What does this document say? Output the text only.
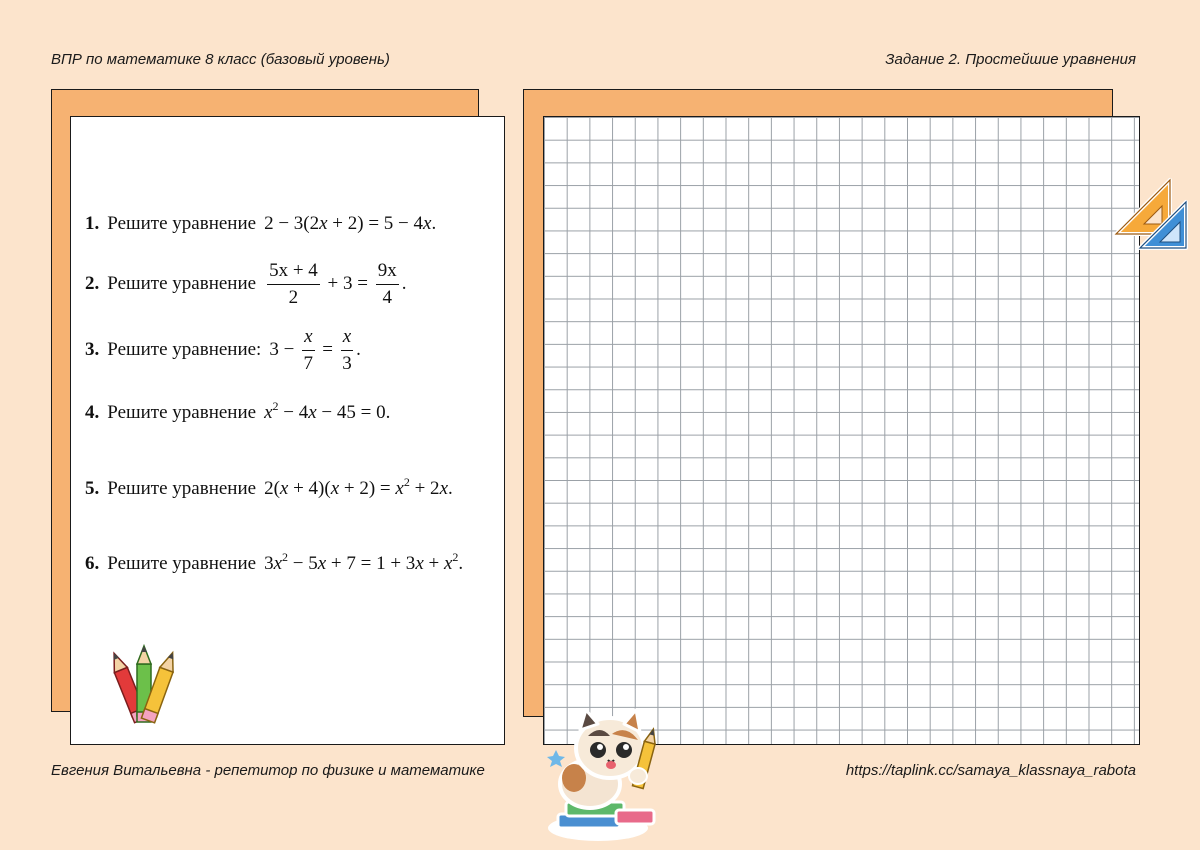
ВПР по математике 8 класс (базовый уровень)	Задание 2. Простейшие уравнения
1. Решите уравнение 2 − 3(2x + 2) = 5 − 4x.
2. Решите уравнение $\frac{5x + 4}{2} + 3 = \frac{9x}{4}$ .
3. Решите уравнение: $3 - \frac{x}{7} = \frac{x}{3}$ .
4. Решите уравнение $x^2 - 4x - 45 = 0$.
5. Решите уравнение $2(x + 4)(x + 2) = x^2 + 2x$.
6. Решите уравнение $3x^2 - 5x + 7 = 1 + 3x + x^2$.
Евгения Витальевна - репетитор по физике и математике	https://taplink.cc/samaya_klassnaya_rabota
